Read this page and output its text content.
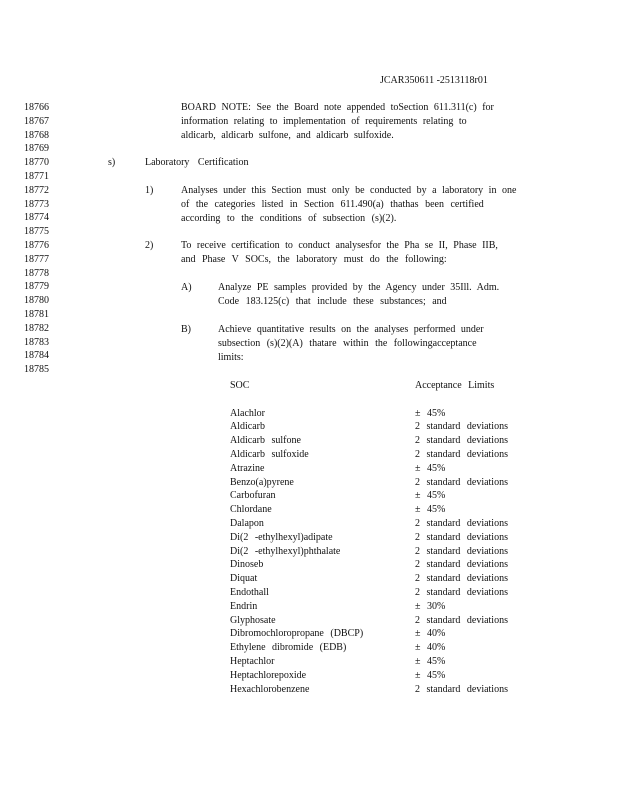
JCAR350611 -2513118r01
18766
18767
18768
18769
18770
18771
18772
18773
18774
18775
18776
18777
18778
18779
18780
18781
18782
18783
18784
18785
BOARD NOTE: See the Board note appended toSection 611.311(c) for
information relating to implementation of requirements relating to
aldicarb, aldicarb sulfone, and aldicarb sulfoxide.
s)	Laboratory Certification
1)	Analyses under this Section must only be conducted by a laboratory in one
of the categories listed in Section 611.490(a) thathas been certified
according to the conditions of subsection (s)(2).
2)	To receive certification to conduct analysesfor the Pha se II, Phase IIB,
and Phase V SOCs, the laboratory must do the following:
A)	Analyze PE samples provided by the Agency under 35Ill. Adm.
Code 183.125(c) that include these substances; and
B)	Achieve quantitative results on the analyses performed under
subsection (s)(2)(A) thatare within the followingacceptance
limits:
SOC	Acceptance Limits
Alachlor	± 45%
Aldicarb	2 standard deviations
Aldicarb sulfone	2 standard deviations
Aldicarb sulfoxide	2 standard deviations
Atrazine	± 45%
Benzo(a)pyrene	2 standard deviations
Carbofuran	± 45%
Chlordane	± 45%
Dalapon	2 standard deviations
Di(2 -ethylhexyl)adipate	2 standard deviations
Di(2 -ethylhexyl)phthalate	2 standard deviations
Dinoseb	2 standard deviations
Diquat	2 standard deviations
Endothall	2 standard deviations
Endrin	± 30%
Glyphosate	2 standard deviations
Dibromochloropropane (DBCP)	± 40%
Ethylene dibromide (EDB)	± 40%
Heptachlor	± 45%
Heptachlorepoxide	± 45%
Hexachlorobenzene	2 standard deviations
